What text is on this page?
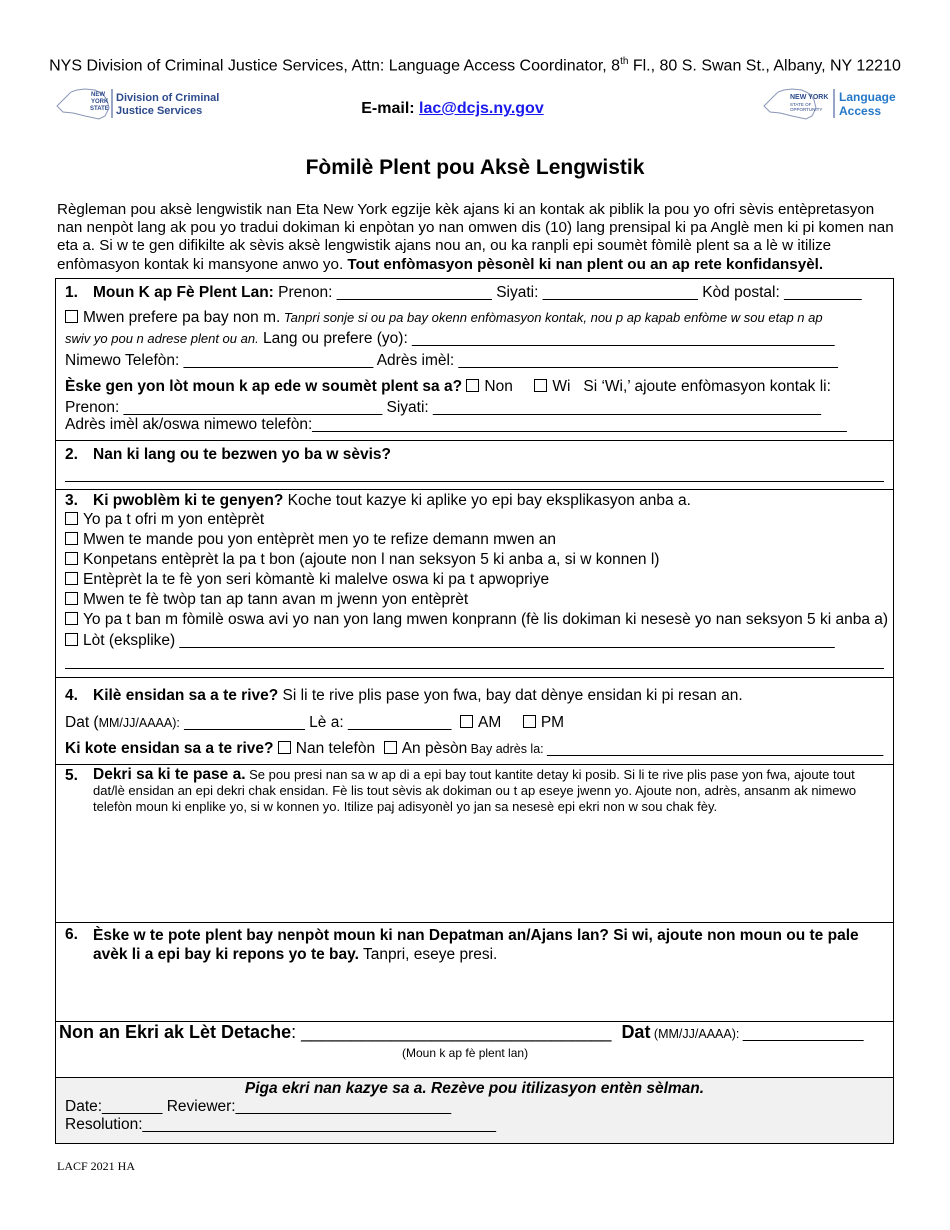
NYS Division of Criminal Justice Services, Attn: Language Access Coordinator, 8th Fl., 80 S. Swan St., Albany, NY 12210
NEW
YORK
STATE
Division of Criminal
Justice Services	E-mail: lac@dcjs.ny.gov
NEW YORK
STATE OF
OPPORTUNITY
Language
Access
Fòmilè Plent pou Aksè Lengwistik
Règleman pou aksè lengwistik nan Eta New York egzije kèk ajans ki an kontak ak piblik la pou yo ofri sèvis entèpretasyon nan nenpòt lang ak pou yo tradui dokiman ki enpòtan yo nan omwen dis (10) lang prensipal ki pa Anglè men ki pi komen nan eta a. Si w te gen difikilte ak sèvis aksè lengwistik ajans nou an, ou ka ranpli epi soumèt fòmilè plent sa a lè w itilize enfòmasyon kontak ki mansyone anwo yo. Tout enfòmasyon pèsonèl ki nan plent ou an ap rete konfidansyèl.
1. Moun K ap Fè Plent Lan: Prenon: __________________ Siyati: __________________ Kòd postal: _________
Mwen prefere pa bay non m. Tanpri sonje si ou pa bay okenn enfòmasyon kontak, nou p ap kapab enfòme w sou etap n ap
swiv yo pou n adrese plent ou an. Lang ou prefere (yo): _________________________________________________
Nimewo Telefòn: ______________________ Adrès imèl: ____________________________________________
Èske gen yon lòt moun k ap ede w soumèt plent sa a? Non	Wi Si ‘Wi,’ ajoute enfòmasyon kontak li:
Prenon: ______________________________ Siyati: _____________________________________________
Adrès imèl ak/oswa nimewo telefòn:______________________________________________________________
2. Nan ki lang ou te bezwen yo ba w sèvis?
3. Ki pwoblèm ki te genyen? Koche tout kazye ki aplike yo epi bay eksplikasyon anba a.
Yo pa t ofri m yon entèprèt
Mwen te mande pou yon entèprèt men yo te refize demann mwen an
Konpetans entèprèt la pa t bon (ajoute non l nan seksyon 5 ki anba a, si w konnen l)
Entèprèt la te fè yon seri kòmantè ki malelve oswa ki pa t apwopriye
Mwen te fè twòp tan ap tann avan m jwenn yon entèprèt
Yo pa t ban m fòmilè oswa avi yo nan yon lang mwen konprann (fè lis dokiman ki nesesè yo nan seksyon 5 ki anba a)
Lòt (eksplike) ____________________________________________________________________________
4. Kilè ensidan sa a te rive? Si li te rive plis pase yon fwa, bay dat dènye ensidan ki pi resan an.
Dat (MM/JJ/AAAA): ______________ Lè a: ____________ AM	PM
Ki kote ensidan sa a te rive? Nan telefòn An pèsòn Bay adrès la: _______________________________________
5. Dekri sa ki te pase a. Se pou presi nan sa w ap di a epi bay tout kantite detay ki posib. Si li te rive plis pase yon fwa, ajoute tout dat/lè ensidan an epi dekri chak ensidan. Fè lis tout sèvis ak dokiman ou t ap eseye jwenn yo. Ajoute non, adrès, ansanm ak nimewo telefòn moun ki enplike yo, si w konnen yo. Itilize paj adisyonèl yo jan sa nesesè epi ekri non w sou chak fèy.
6. Èske w te pote plent bay nenpòt moun ki nan Depatman an/Ajans lan? Si wi, ajoute non moun ou te pale avèk li a epi bay ki repons yo te bay. Tanpri, eseye presi.
Non an Ekri ak Lèt Detache: _______________________________ Dat (MM/JJ/AAAA): ______________
(Moun k ap fè plent lan)
Piga ekri nan kazye sa a. Rezève pou itilizasyon entèn sèlman.
Date:_______ Reviewer:_________________________
Resolution:_________________________________________
LACF 2021 HA
